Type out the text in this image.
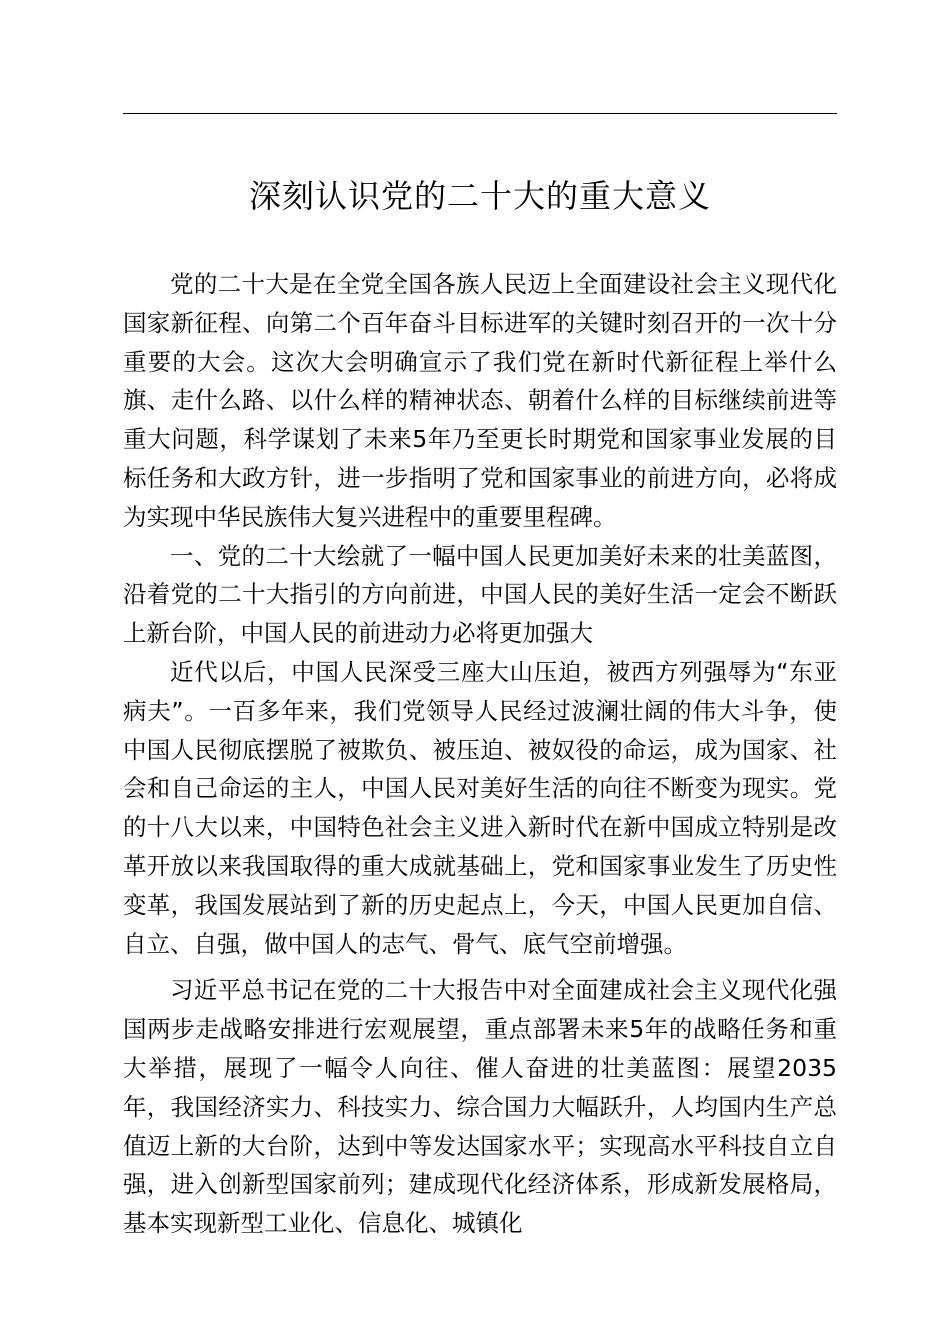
深刻认识党的二十大的重大意义

党的二十大是在全党全国各族人民迈上全面建设社会主义现代化国家新征程、向第二个百年奋斗目标进军的关键时刻召开的一次十分重要的大会。这次大会明确宣示了我们党在新时代新征程上举什么旗、走什么路、以什么样的精神状态、朝着什么样的目标继续前进等重大问题，科学谋划了未来5年乃至更长时期党和国家事业发展的目标任务和大政方针，进一步指明了党和国家事业的前进方向，必将成为实现中华民族伟大复兴进程中的重要里程碑。

一、党的二十大绘就了一幅中国人民更加美好未来的壮美蓝图，沿着党的二十大指引的方向前进，中国人民的美好生活一定会不断跃上新台阶，中国人民的前进动力必将更加强大

近代以后，中国人民深受三座大山压迫，被西方列强辱为“东亚病夫”。一百多年来，我们党领导人民经过波澜壮阔的伟大斗争，使中国人民彻底摆脱了被欺负、被压迫、被奴役的命运，成为国家、社会和自己命运的主人，中国人民对美好生活的向往不断变为现实。党的十八大以来，中国特色社会主义进入新时代在新中国成立特别是改革开放以来我国取得的重大成就基础上，党和国家事业发生了历史性变革，我国发展站到了新的历史起点上，今天，中国人民更加自信、自立、自强，做中国人的志气、骨气、底气空前增强。

习近平总书记在党的二十大报告中对全面建成社会主义现代化强国两步走战略安排进行宏观展望，重点部署未来5年的战略任务和重大举措，展现了一幅令人向往、催人奋进的壮美蓝图：展望2035年，我国经济实力、科技实力、综合国力大幅跃升，人均国内生产总值迈上新的大台阶，达到中等发达国家水平；实现高水平科技自立自强，进入创新型国家前列；建成现代化经济体系，形成新发展格局，基本实现新型工业化、信息化、城镇化
